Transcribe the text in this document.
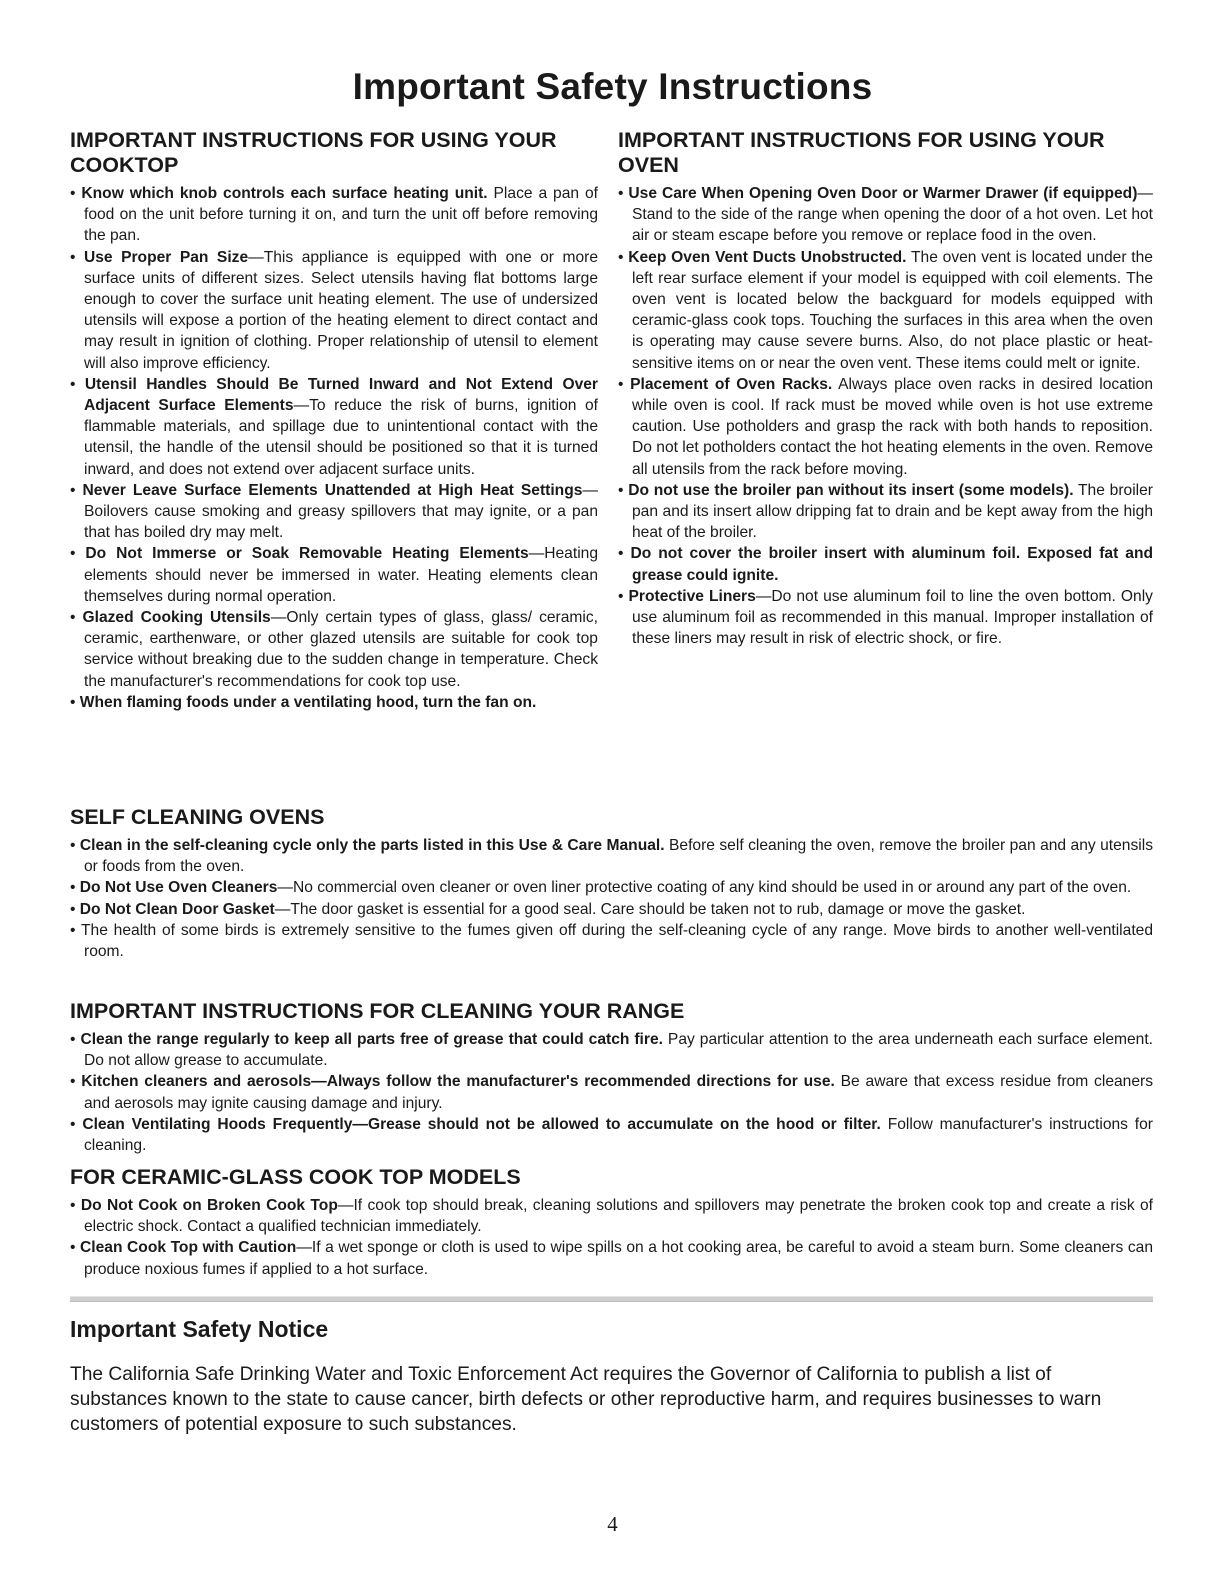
Important Safety Instructions
IMPORTANT INSTRUCTIONS FOR USING YOUR COOKTOP
• Know which knob controls each surface heating unit. Place a pan of food on the unit before turning it on, and turn the unit off before removing the pan.
• Use Proper Pan Size—This appliance is equipped with one or more surface units of different sizes. Select utensils having flat bottoms large enough to cover the surface unit heating element. The use of undersized utensils will expose a portion of the heating element to direct contact and may result in ignition of clothing. Proper relationship of utensil to element will also improve efficiency.
• Utensil Handles Should Be Turned Inward and Not Extend Over Adjacent Surface Elements—To reduce the risk of burns, ignition of flammable materials, and spillage due to unintentional contact with the utensil, the handle of the utensil should be positioned so that it is turned inward, and does not extend over adjacent surface units.
• Never Leave Surface Elements Unattended at High Heat Settings—Boilovers cause smoking and greasy spillovers that may ignite, or a pan that has boiled dry may melt.
• Do Not Immerse or Soak Removable Heating Elements—Heating elements should never be immersed in water. Heating elements clean themselves during normal operation.
• Glazed Cooking Utensils—Only certain types of glass, glass/ ceramic, ceramic, earthenware, or other glazed utensils are suitable for cook top service without breaking due to the sudden change in temperature. Check the manufacturer's recommendations for cook top use.
• When flaming foods under a ventilating hood, turn the fan on.
IMPORTANT INSTRUCTIONS FOR USING YOUR OVEN
• Use Care When Opening Oven Door or Warmer Drawer (if equipped)—Stand to the side of the range when opening the door of a hot oven. Let hot air or steam escape before you remove or replace food in the oven.
• Keep Oven Vent Ducts Unobstructed. The oven vent is located under the left rear surface element if your model is equipped with coil elements. The oven vent is located below the backguard for models equipped with ceramic-glass cook tops. Touching the surfaces in this area when the oven is operating may cause severe burns. Also, do not place plastic or heat-sensitive items on or near the oven vent. These items could melt or ignite.
• Placement of Oven Racks. Always place oven racks in desired location while oven is cool. If rack must be moved while oven is hot use extreme caution. Use potholders and grasp the rack with both hands to reposition. Do not let potholders contact the hot heating elements in the oven. Remove all utensils from the rack before moving.
• Do not use the broiler pan without its insert (some models). The broiler pan and its insert allow dripping fat to drain and be kept away from the high heat of the broiler.
• Do not cover the broiler insert with aluminum foil. Exposed fat and grease could ignite.
• Protective Liners—Do not use aluminum foil to line the oven bottom. Only use aluminum foil as recommended in this manual. Improper installation of these liners may result in risk of electric shock, or fire.
SELF CLEANING OVENS
• Clean in the self-cleaning cycle only the parts listed in this Use & Care Manual. Before self cleaning the oven, remove the broiler pan and any utensils or foods from the oven.
• Do Not Use Oven Cleaners—No commercial oven cleaner or oven liner protective coating of any kind should be used in or around any part of the oven.
• Do Not Clean Door Gasket—The door gasket is essential for a good seal. Care should be taken not to rub, damage or move the gasket.
• The health of some birds is extremely sensitive to the fumes given off during the self-cleaning cycle of any range. Move birds to another well-ventilated room.
IMPORTANT INSTRUCTIONS FOR CLEANING YOUR RANGE
• Clean the range regularly to keep all parts free of grease that could catch fire. Pay particular attention to the area underneath each surface element. Do not allow grease to accumulate.
• Kitchen cleaners and aerosols—Always follow the manufacturer's recommended directions for use. Be aware that excess residue from cleaners and aerosols may ignite causing damage and injury.
• Clean Ventilating Hoods Frequently—Grease should not be allowed to accumulate on the hood or filter. Follow manufacturer's instructions for cleaning.
FOR CERAMIC-GLASS COOK TOP MODELS
• Do Not Cook on Broken Cook Top—If cook top should break, cleaning solutions and spillovers may penetrate the broken cook top and create a risk of electric shock. Contact a qualified technician immediately.
• Clean Cook Top with Caution—If a wet sponge or cloth is used to wipe spills on a hot cooking area, be careful to avoid a steam burn. Some cleaners can produce noxious fumes if applied to a hot surface.
Important Safety Notice

The California Safe Drinking Water and Toxic Enforcement Act requires the Governor of California to publish a list of substances known to the state to cause cancer, birth defects or other reproductive harm, and requires businesses to warn customers of potential exposure to such substances.

4
